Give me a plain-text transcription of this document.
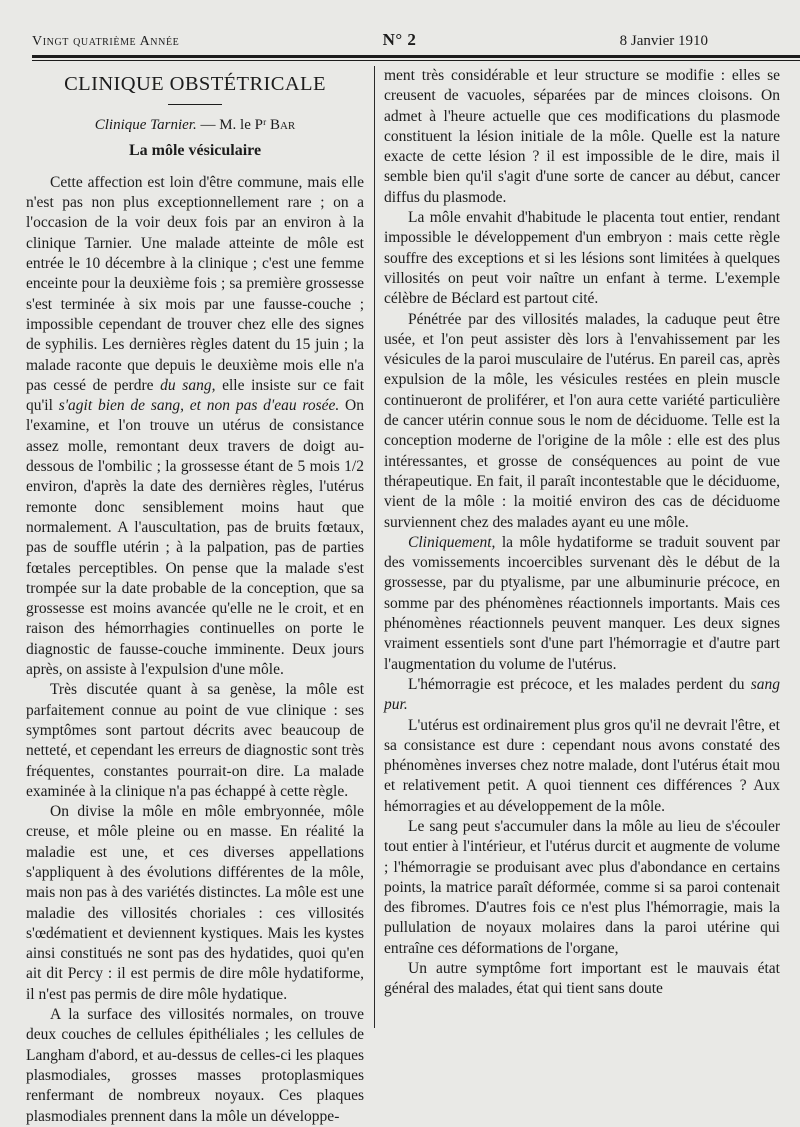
Vingt quatrième Année	N° 2	8 Janvier 1910
CLINIQUE OBSTÉTRICALE
Clinique Tarnier. — M. le Pʳ Bar
La môle vésiculaire

Cette affection est loin d'être commune, mais elle n'est pas non plus exceptionnellement rare ; on a l'occasion de la voir deux fois par an environ à la clinique Tarnier. Une malade atteinte de môle est entrée le 10 décembre à la clinique ; c'est une femme enceinte pour la deuxième fois ; sa première grossesse s'est terminée à six mois par une fausse-couche ; impossible cependant de trouver chez elle des signes de syphilis. Les dernières règles datent du 15 juin ; la malade raconte que depuis le deuxième mois elle n'a pas cessé de perdre du sang, elle insiste sur ce fait qu'il s'agit bien de sang, et non pas d'eau rosée. On l'examine, et l'on trouve un utérus de consistance assez molle, remontant deux travers de doigt au-dessous de l'ombilic ; la grossesse étant de 5 mois 1/2 environ, d'après la date des dernières règles, l'utérus remonte donc sensiblement moins haut que normalement. A l'auscultation, pas de bruits fœtaux, pas de souffle utérin ; à la palpation, pas de parties fœtales perceptibles. On pense que la malade s'est trompée sur la date probable de la conception, que sa grossesse est moins avancée qu'elle ne le croit, et en raison des hémorrhagies continuelles on porte le diagnostic de fausse-couche imminente. Deux jours après, on assiste à l'expulsion d'une môle.

Très discutée quant à sa genèse, la môle est parfaitement connue au point de vue clinique : ses symptômes sont partout décrits avec beaucoup de netteté, et cependant les erreurs de diagnostic sont très fréquentes, constantes pourrait-on dire. La malade examinée à la clinique n'a pas échappé à cette règle.

On divise la môle en môle embryonnée, môle creuse, et môle pleine ou en masse. En réalité la maladie est une, et ces diverses appellations s'appliquent à des évolutions différentes de la môle, mais non pas à des variétés distinctes. La môle est une maladie des villosités choriales : ces villosités s'œdématient et deviennent kystiques. Mais les kystes ainsi constitués ne sont pas des hydatides, quoi qu'en ait dit Percy : il est permis de dire môle hydatiforme, il n'est pas permis de dire môle hydatique.

A la surface des villosités normales, on trouve deux couches de cellules épithéliales ; les cellules de Langham d'abord, et au-dessus de celles-ci les plaques plasmodiales, grosses masses protoplasmiques renfermant de nombreux noyaux. Ces plaques plasmodiales prennent dans la môle un développe-

ment très considérable et leur structure se modifie : elles se creusent de vacuoles, séparées par de minces cloisons. On admet à l'heure actuelle que ces modifications du plasmode constituent la lésion initiale de la môle. Quelle est la nature exacte de cette lésion ? il est impossible de le dire, mais il semble bien qu'il s'agit d'une sorte de cancer au début, cancer diffus du plasmode.

La môle envahit d'habitude le placenta tout entier, rendant impossible le développement d'un embryon : mais cette règle souffre des exceptions et si les lésions sont limitées à quelques villosités on peut voir naître un enfant à terme. L'exemple célèbre de Béclard est partout cité.

Pénétrée par des villosités malades, la caduque peut être usée, et l'on peut assister dès lors à l'envahissement par les vésicules de la paroi musculaire de l'utérus. En pareil cas, après expulsion de la môle, les vésicules restées en plein muscle continueront de proliférer, et l'on aura cette variété particulière de cancer utérin connue sous le nom de déciduome. Telle est la conception moderne de l'origine de la môle : elle est des plus intéressantes, et grosse de conséquences au point de vue thérapeutique. En fait, il paraît incontestable que le déciduome, vient de la môle : la moitié environ des cas de déciduome surviennent chez des malades ayant eu une môle.

Cliniquement, la môle hydatiforme se traduit souvent par des vomissements incoercibles survenant dès le début de la grossesse, par du ptyalisme, par une albuminurie précoce, en somme par des phénomènes réactionnels importants. Mais ces phénomènes réactionnels peuvent manquer. Les deux signes vraiment essentiels sont d'une part l'hémorragie et d'autre part l'augmentation du volume de l'utérus.

L'hémorragie est précoce, et les malades perdent du sang pur.

L'utérus est ordinairement plus gros qu'il ne devrait l'être, et sa consistance est dure : cependant nous avons constaté des phénomènes inverses chez notre malade, dont l'utérus était mou et relativement petit. A quoi tiennent ces différences ? Aux hémorragies et au développement de la môle.

Le sang peut s'accumuler dans la môle au lieu de s'écouler tout entier à l'intérieur, et l'utérus durcit et augmente de volume ; l'hémorragie se produisant avec plus d'abondance en certains points, la matrice paraît déformée, comme si sa paroi contenait des fibromes. D'autres fois ce n'est plus l'hémorragie, mais la pullulation de noyaux molaires dans la paroi utérine qui entraîne ces déformations de l'organe,

Un autre symptôme fort important est le mauvais état général des malades, état qui tient sans doute
